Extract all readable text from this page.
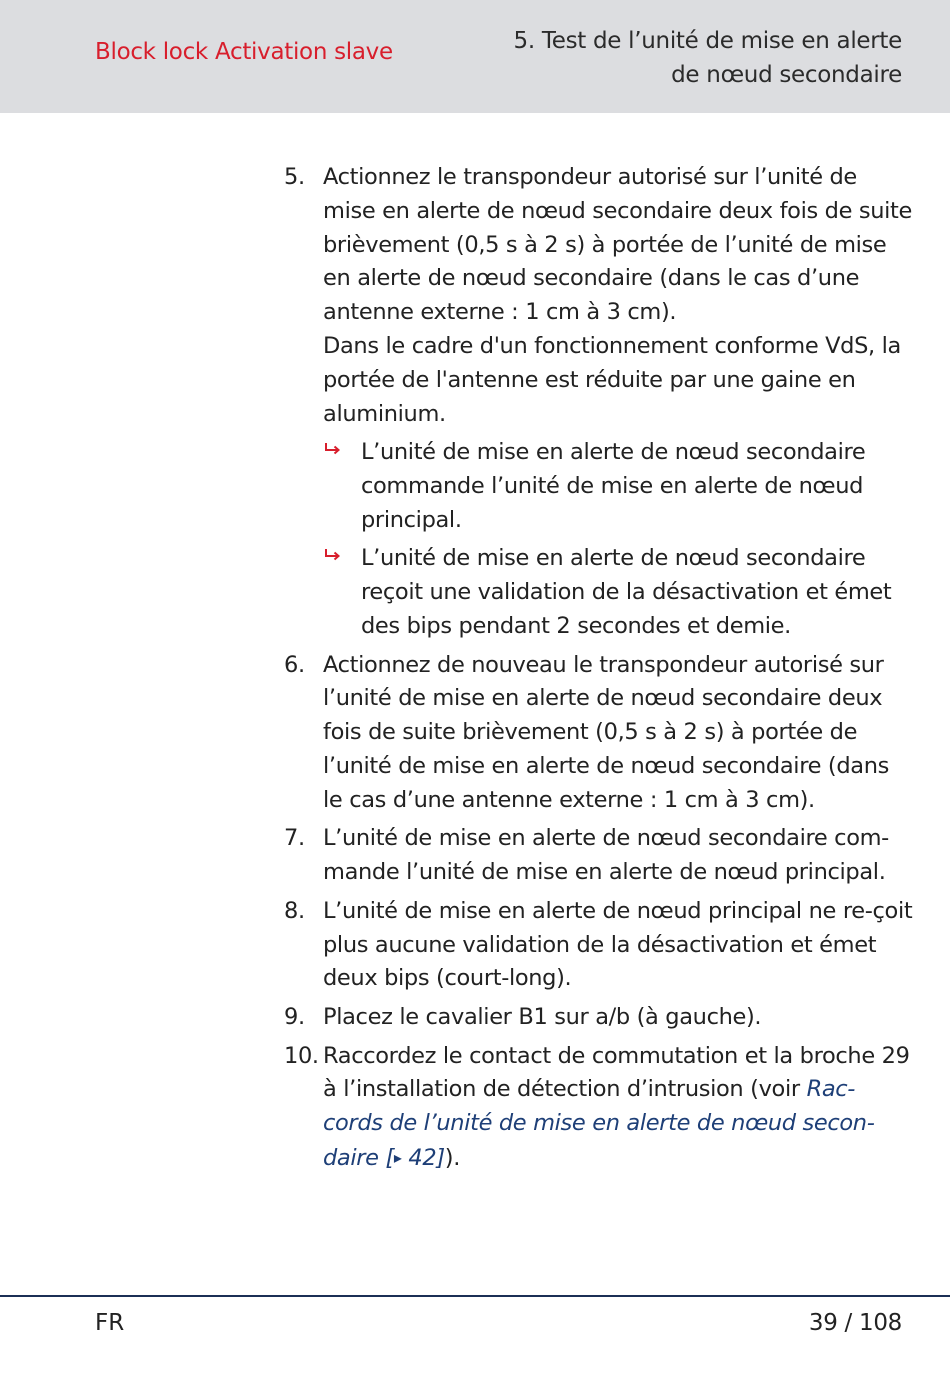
Block lock Activation slave	5. Test de l’unité de mise en alerte de nœud secondaire
5. Actionnez le transpondeur autorisé sur l’unité de mise en alerte de nœud secondaire deux fois de suite brièvement (0,5 s à 2 s) à portée de l’unité de mise en alerte de nœud secondaire (dans le cas d’une antenne externe : 1 cm à 3 cm).

Dans le cadre d'un fonctionnement conforme VdS, la portée de l'antenne est réduite par une gaine en aluminium.

L’unité de mise en alerte de nœud secondaire commande l’unité de mise en alerte de nœud principal.
L’unité de mise en alerte de nœud secondaire reçoit une validation de la désactivation et émet des bips pendant 2 secondes et demie.
6. Actionnez de nouveau le transpondeur autorisé sur l’unité de mise en alerte de nœud secondaire deux fois de suite brièvement (0,5 s à 2 s) à portée de l’unité de mise en alerte de nœud secondaire (dans le cas d’une antenne externe : 1 cm à 3 cm).

7. L’unité de mise en alerte de nœud secondaire com-mande l’unité de mise en alerte de nœud principal.

8. L’unité de mise en alerte de nœud principal ne re-çoit plus aucune validation de la désactivation et émet deux bips (court-long).

9. Placez le cavalier B1 sur a/b (à gauche).

10. Raccordez le contact de commutation et la broche 29 à l’installation de détection d’intrusion (voir Rac-cords de l’unité de mise en alerte de nœud secon-daire [▸ 42]).

FR	39 / 108
